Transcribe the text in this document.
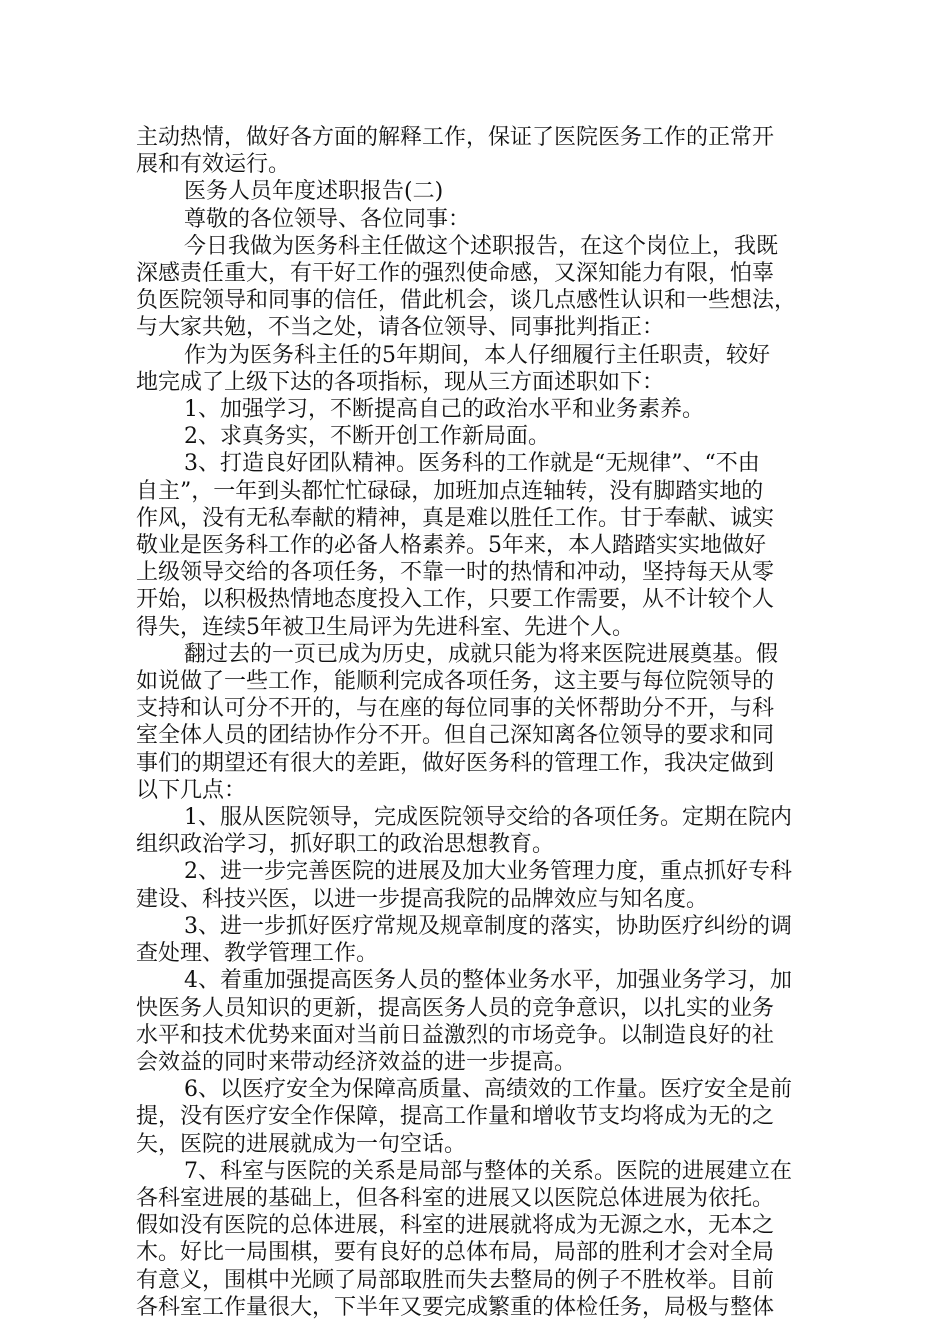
主动热情，做好各方面的解释工作，保证了医院医务工作的正常开
展和有效运行。
医务人员年度述职报告(二)
尊敬的各位领导、各位同事：
今日我做为医务科主任做这个述职报告，在这个岗位上，我既
深感责任重大，有干好工作的强烈使命感，又深知能力有限，怕辜
负医院领导和同事的信任，借此机会，谈几点感性认识和一些想法，
与大家共勉，不当之处，请各位领导、同事批判指正：
作为为医务科主任的5年期间，本人仔细履行主任职责，较好
地完成了上级下达的各项指标，现从三方面述职如下：
1、加强学习，不断提高自己的政治水平和业务素养。
2、求真务实，不断开创工作新局面。
3、打造良好团队精神。医务科的工作就是“无规律”、“不由
自主”，一年到头都忙忙碌碌，加班加点连轴转，没有脚踏实地的
作风，没有无私奉献的精神，真是难以胜任工作。甘于奉献、诚实
敬业是医务科工作的必备人格素养。5年来，本人踏踏实实地做好
上级领导交给的各项任务，不靠一时的热情和冲动，坚持每天从零
开始，以积极热情地态度投入工作，只要工作需要，从不计较个人
得失，连续5年被卫生局评为先进科室、先进个人。
翻过去的一页已成为历史，成就只能为将来医院进展奠基。假
如说做了一些工作，能顺利完成各项任务，这主要与每位院领导的
支持和认可分不开的，与在座的每位同事的关怀帮助分不开，与科
室全体人员的团结协作分不开。但自己深知离各位领导的要求和同
事们的期望还有很大的差距，做好医务科的管理工作，我决定做到
以下几点：
1、服从医院领导，完成医院领导交给的各项任务。定期在院内
组织政治学习，抓好职工的政治思想教育。
2、进一步完善医院的进展及加大业务管理力度，重点抓好专科
建设、科技兴医，以进一步提高我院的品牌效应与知名度。
3、进一步抓好医疗常规及规章制度的落实，协助医疗纠纷的调
查处理、教学管理工作。
4、着重加强提高医务人员的整体业务水平，加强业务学习，加
快医务人员知识的更新，提高医务人员的竞争意识，以扎实的业务
水平和技术优势来面对当前日益激烈的市场竞争。以制造良好的社
会效益的同时来带动经济效益的进一步提高。
6、以医疗安全为保障高质量、高绩效的工作量。医疗安全是前
提，没有医疗安全作保障，提高工作量和增收节支均将成为无的之
矢，医院的进展就成为一句空话。
7、科室与医院的关系是局部与整体的关系。医院的进展建立在
各科室进展的基础上，但各科室的进展又以医院总体进展为依托。
假如没有医院的总体进展，科室的进展就将成为无源之水，无本之
木。好比一局围棋，要有良好的总体布局，局部的胜利才会对全局
有意义，围棋中光顾了局部取胜而失去整局的例子不胜枚举。目前
各科室工作量很大，下半年又要完成繁重的体检任务，局极与整体
